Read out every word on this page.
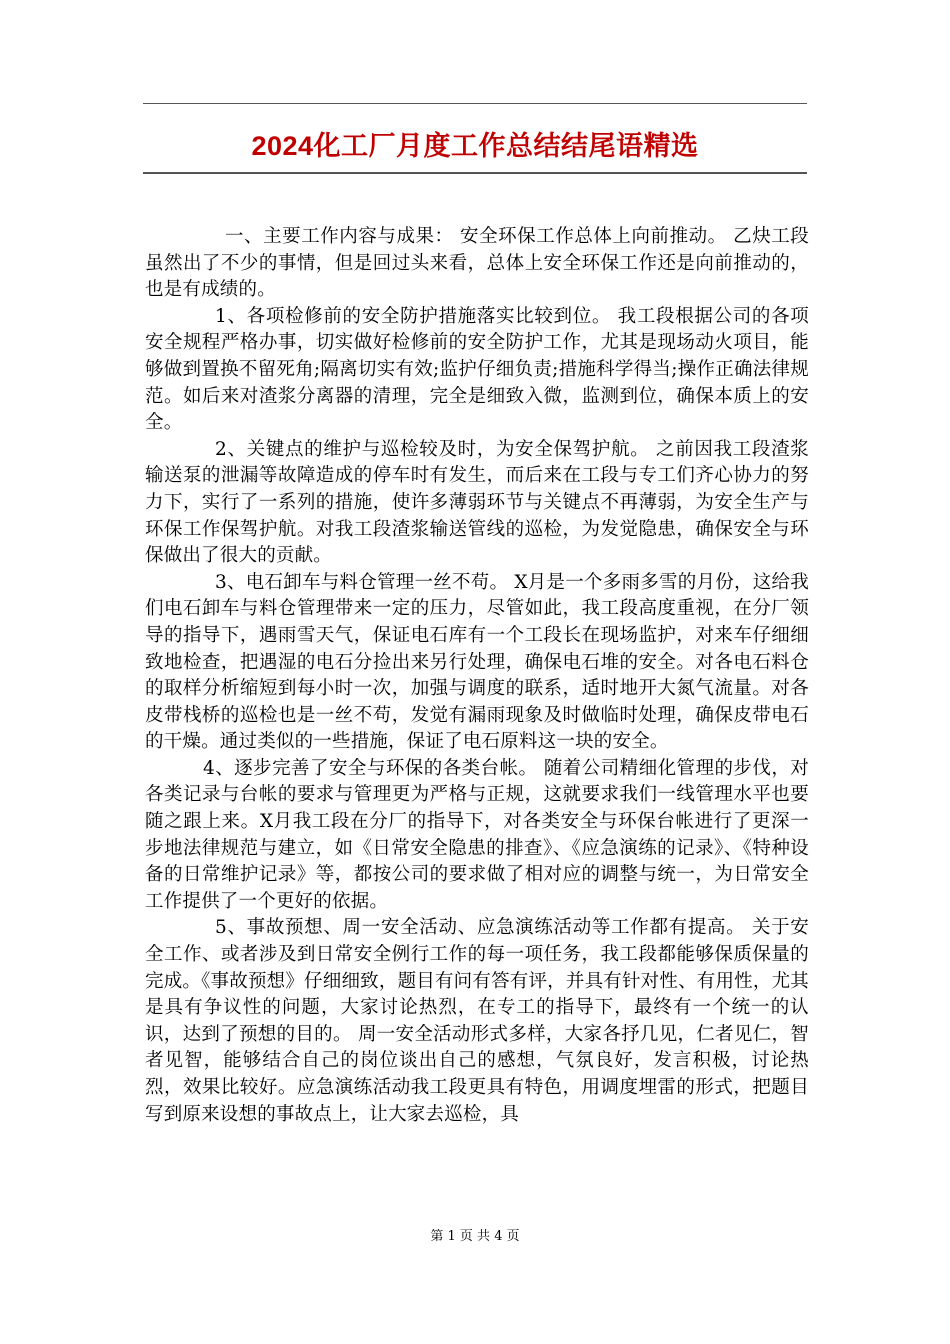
2024化工厂月度工作总结结尾语精选

一、主要工作内容与成果： 安全环保工作总体上向前推动。 乙炔工段虽然出了不少的事情，但是回过头来看，总体上安全环保工作还是向前推动的，也是有成绩的。

1、各项检修前的安全防护措施落实比较到位。 我工段根据公司的各项安全规程严格办事，切实做好检修前的安全防护工作，尤其是现场动火项目，能够做到置换不留死角;隔离切实有效;监护仔细负责;措施科学得当;操作正确法律规范。如后来对渣浆分离器的清理，完全是细致入微，监测到位，确保本质上的安全。

2、关键点的维护与巡检较及时，为安全保驾护航。 之前因我工段渣浆输送泵的泄漏等故障造成的停车时有发生，而后来在工段与专工们齐心协力的努力下，实行了一系列的措施，使许多薄弱环节与关键点不再薄弱，为安全生产与环保工作保驾护航。对我工段渣浆输送管线的巡检，为发觉隐患，确保安全与环保做出了很大的贡献。

3、电石卸车与料仓管理一丝不苟。 X月是一个多雨多雪的月份，这给我们电石卸车与料仓管理带来一定的压力，尽管如此，我工段高度重视，在分厂领导的指导下，遇雨雪天气，保证电石库有一个工段长在现场监护，对来车仔细细致地检查，把遇湿的电石分捡出来另行处理，确保电石堆的安全。对各电石料仓的取样分析缩短到每小时一次，加强与调度的联系，适时地开大氮气流量。对各皮带栈桥的巡检也是一丝不苟，发觉有漏雨现象及时做临时处理，确保皮带电石的干燥。通过类似的一些措施，保证了电石原料这一块的安全。

4、逐步完善了安全与环保的各类台帐。 随着公司精细化管理的步伐，对各类记录与台帐的要求与管理更为严格与正规，这就要求我们一线管理水平也要随之跟上来。X月我工段在分厂的指导下，对各类安全与环保台帐进行了更深一步地法律规范与建立，如《日常安全隐患的排查》、《应急演练的记录》、《特种设备的日常维护记录》等，都按公司的要求做了相对应的调整与统一，为日常安全工作提供了一个更好的依据。

5、事故预想、周一安全活动、应急演练活动等工作都有提高。 关于安全工作、或者涉及到日常安全例行工作的每一项任务，我工段都能够保质保量的完成。《事故预想》仔细细致，题目有问有答有评，并具有针对性、有用性，尤其是具有争议性的问题，大家讨论热烈，在专工的指导下，最终有一个统一的认识，达到了预想的目的。 周一安全活动形式多样，大家各抒几见，仁者见仁，智者见智，能够结合自己的岗位谈出自己的感想，气氛良好，发言积极，讨论热烈，效果比较好。应急演练活动我工段更具有特色，用调度埋雷的形式，把题目写到原来设想的事故点上，让大家去巡检，具

第 1 页 共 4 页
